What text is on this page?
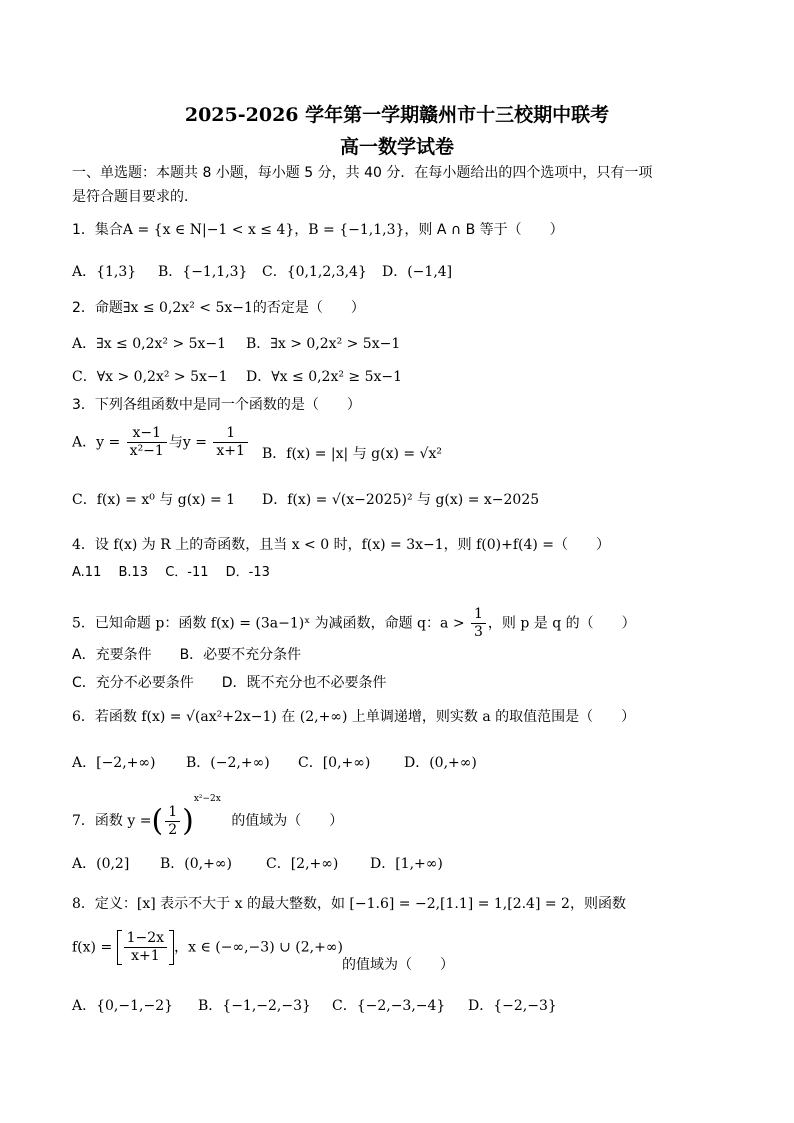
2025-2026 学年第一学期赣州市十三校期中联考
高一数学试卷
一、单选题：本题共 8 小题，每小题 5 分，共 40 分．在每小题给出的四个选项中，只有一项
是符合题目要求的．
1．集合A = {x ∈ N|−1 < x ≤ 4}，B = {−1,1,3}，则 A ∩ B 等于（　　）
A．{1,3} B．{−1,1,3} C．{0,1,2,3,4} D．(−1,4]
2．命题∃x ≤ 0,2x² < 5x−1的否定是（　　）
A．∃x ≤ 0,2x² > 5x−1 B．∃x > 0,2x² > 5x−1
C．∀x > 0,2x² > 5x−1 D．∀x ≤ 0,2x² ≥ 5x−1
3．下列各组函数中是同一个函数的是（　　）
A．$y = \frac{x-1}{\text{x²−1}}$ 与$y = \frac{1}{x+1}$ B．f(x) = |x| 与 g(x) = √x²
C．f(x) = x⁰ 与 g(x) = 1 D．f(x) = √(x−2025)² 与 g(x) = x−2025
4．设 f(x) 为 R 上的奇函数，且当 x < 0 时，f(x) = 3x−1，则 f(0)+f(4) =（　　）
A.11　 B.13　 C．-11　 D．-13
5．已知命题 p：函数 f(x) = (3a−1)ˣ 为减函数，命题 q：$a > \frac{1}{3}$ ，则 p 是 q 的（　　）
A．充要条件　　B．必要不充分条件
C．充分不必要条件　　D．既不充分也不必要条件
6．若函数 f(x) = √(ax²+2x−1) 在 (2,+∞) 上单调递增，则实数 a 的取值范围是（　　）
A．[−2,+∞) B．(−2,+∞) C．[0,+∞) D．(0,+∞)
7．函数 y =( $\frac{1}{2} )^{x^2-2x}$ 的值域为（　　）
A．(0,2] B．(0,+∞) C．[2,+∞) D．[1,+∞)
8．定义：[x] 表示不大于 x 的最大整数，如 [−1.6] = −2,[1.1] = 1,[2.4] = 2，则函数
$f(x) = \frac{1-2x}{x+1}$ ，x ∈ (−∞,−3) ∪ (2,+∞)
的值域为（　　）
A．{0,−1,−2} B．{−1,−2,−3} C．{−2,−3,−4} D．{−2,−3}
